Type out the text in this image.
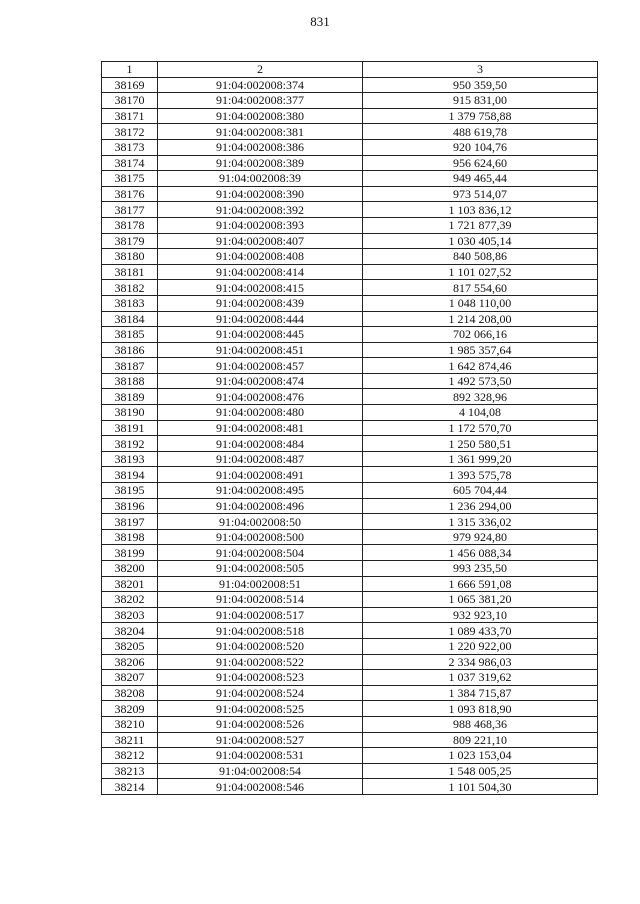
831
1	2	3
38169	91:04:002008:374	950 359,50
38170	91:04:002008:377	915 831,00
38171	91:04:002008:380	1 379 758,88
38172	91:04:002008:381	488 619,78
38173	91:04:002008:386	920 104,76
38174	91:04:002008:389	956 624,60
38175	91:04:002008:39	949 465,44
38176	91:04:002008:390	973 514,07
38177	91:04:002008:392	1 103 836,12
38178	91:04:002008:393	1 721 877,39
38179	91:04:002008:407	1 030 405,14
38180	91:04:002008:408	840 508,86
38181	91:04:002008:414	1 101 027,52
38182	91:04:002008:415	817 554,60
38183	91:04:002008:439	1 048 110,00
38184	91:04:002008:444	1 214 208,00
38185	91:04:002008:445	702 066,16
38186	91:04:002008:451	1 985 357,64
38187	91:04:002008:457	1 642 874,46
38188	91:04:002008:474	1 492 573,50
38189	91:04:002008:476	892 328,96
38190	91:04:002008:480	4 104,08
38191	91:04:002008:481	1 172 570,70
38192	91:04:002008:484	1 250 580,51
38193	91:04:002008:487	1 361 999,20
38194	91:04:002008:491	1 393 575,78
38195	91:04:002008:495	605 704,44
38196	91:04:002008:496	1 236 294,00
38197	91:04:002008:50	1 315 336,02
38198	91:04:002008:500	979 924,80
38199	91:04:002008:504	1 456 088,34
38200	91:04:002008:505	993 235,50
38201	91:04:002008:51	1 666 591,08
38202	91:04:002008:514	1 065 381,20
38203	91:04:002008:517	932 923,10
38204	91:04:002008:518	1 089 433,70
38205	91:04:002008:520	1 220 922,00
38206	91:04:002008:522	2 334 986,03
38207	91:04:002008:523	1 037 319,62
38208	91:04:002008:524	1 384 715,87
38209	91:04:002008:525	1 093 818,90
38210	91:04:002008:526	988 468,36
38211	91:04:002008:527	809 221,10
38212	91:04:002008:531	1 023 153,04
38213	91:04:002008:54	1 548 005,25
38214	91:04:002008:546	1 101 504,30
